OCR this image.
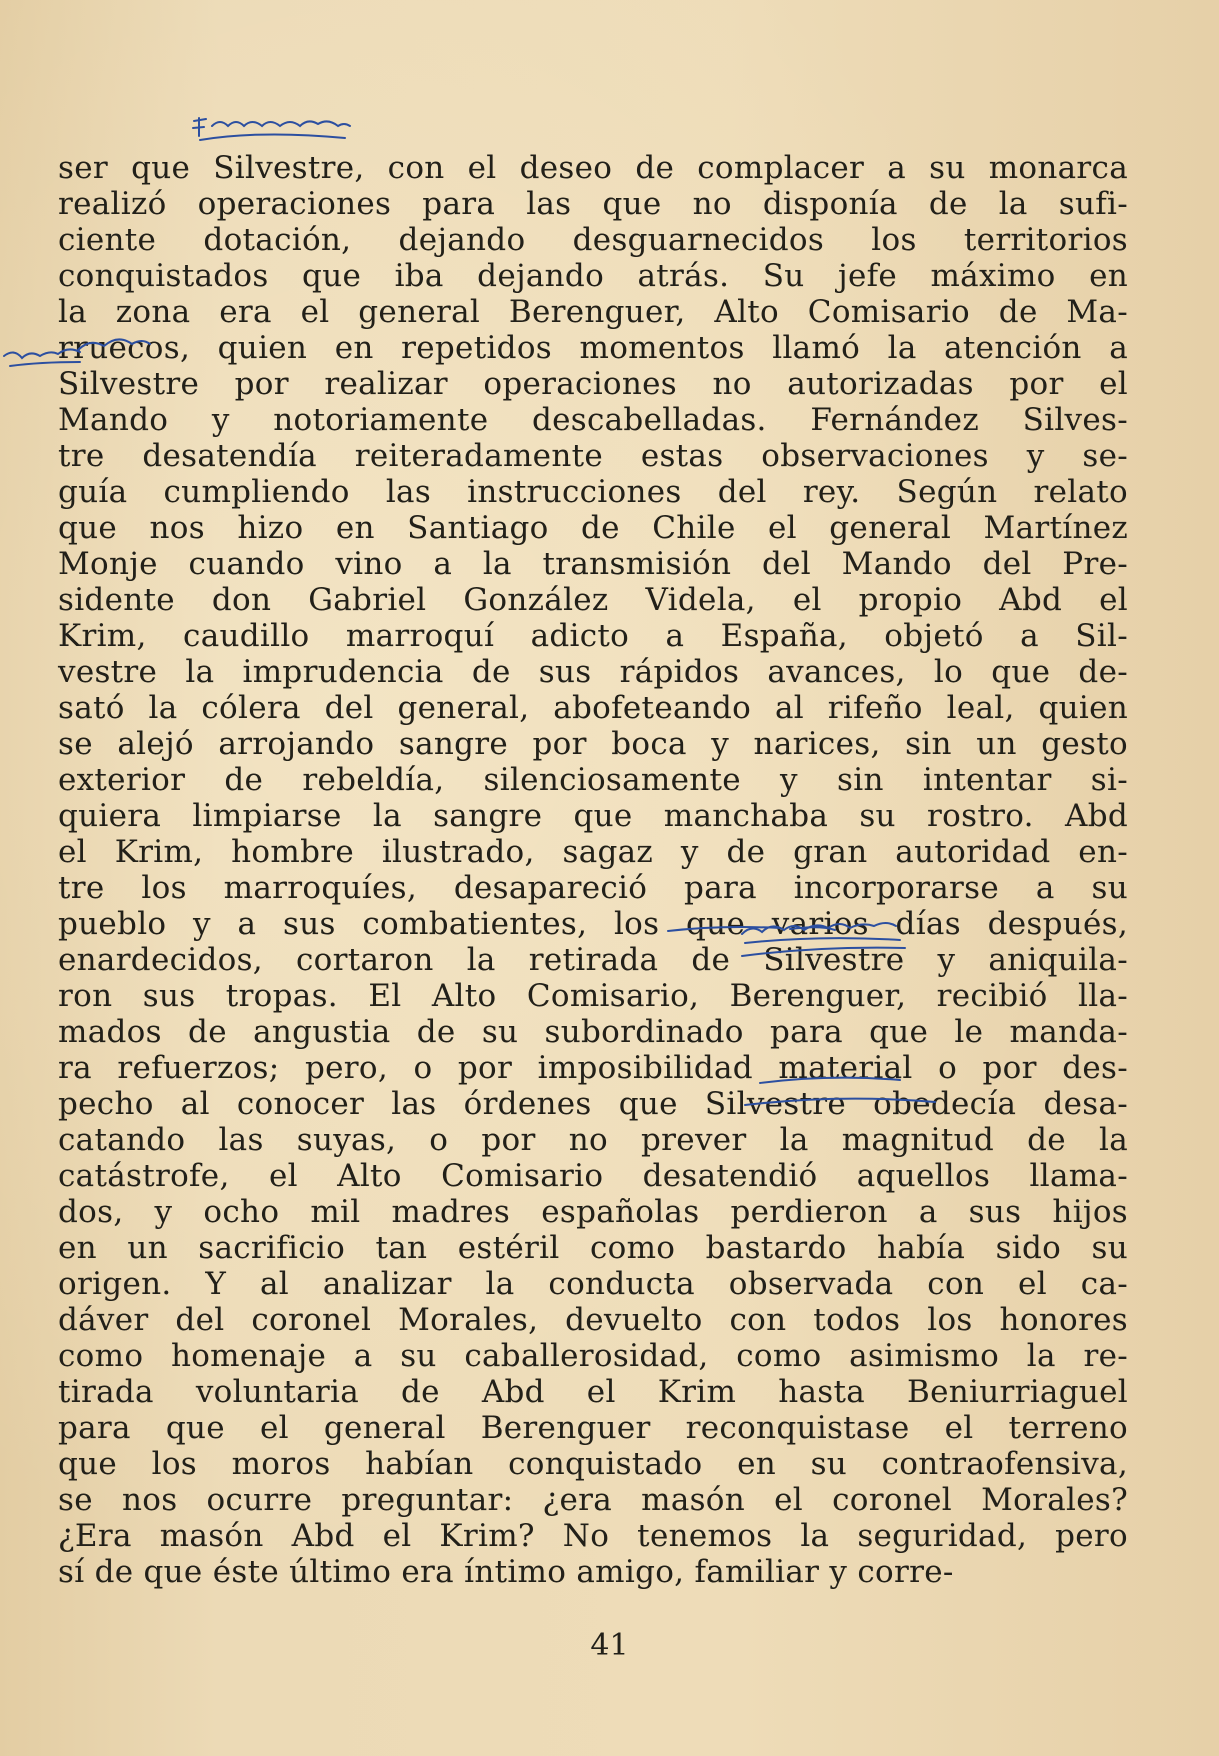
ser que Silvestre, con el deseo de complacer a su monarca
realizó operaciones para las que no disponía de la sufi-
ciente dotación, dejando desguarnecidos los territorios
conquistados que iba dejando atrás. Su jefe máximo en
la zona era el general Berenguer, Alto Comisario de Ma-
rruecos, quien en repetidos momentos llamó la atención a
Silvestre por realizar operaciones no autorizadas por el
Mando y notoriamente descabelladas. Fernández Silves-
tre desatendía reiteradamente estas observaciones y se-
guía cumpliendo las instrucciones del rey. Según relato
que nos hizo en Santiago de Chile el general Martínez
Monje cuando vino a la transmisión del Mando del Pre-
sidente don Gabriel González Videla, el propio Abd el
Krim, caudillo marroquí adicto a España, objetó a Sil-
vestre la imprudencia de sus rápidos avances, lo que de-
sató la cólera del general, abofeteando al rifeño leal, quien
se alejó arrojando sangre por boca y narices, sin un gesto
exterior de rebeldía, silenciosamente y sin intentar si-
quiera limpiarse la sangre que manchaba su rostro. Abd
el Krim, hombre ilustrado, sagaz y de gran autoridad en-
tre los marroquíes, desapareció para incorporarse a su
pueblo y a sus combatientes, los que varios días después,
enardecidos, cortaron la retirada de Silvestre y aniquila-
ron sus tropas. El Alto Comisario, Berenguer, recibió lla-
mados de angustia de su subordinado para que le manda-
ra refuerzos; pero, o por imposibilidad material o por des-
pecho al conocer las órdenes que Silvestre obedecía desa-
catando las suyas, o por no prever la magnitud de la
catástrofe, el Alto Comisario desatendió aquellos llama-
dos, y ocho mil madres españolas perdieron a sus hijos
en un sacrificio tan estéril como bastardo había sido su
origen. Y al analizar la conducta observada con el ca-
dáver del coronel Morales, devuelto con todos los honores
como homenaje a su caballerosidad, como asimismo la re-
tirada voluntaria de Abd el Krim hasta Beniurriaguel
para que el general Berenguer reconquistase el terreno
que los moros habían conquistado en su contraofensiva,
se nos ocurre preguntar: ¿era masón el coronel Morales?
¿Era masón Abd el Krim? No tenemos la seguridad, pero
sí de que éste último era íntimo amigo, familiar y corre-
41
